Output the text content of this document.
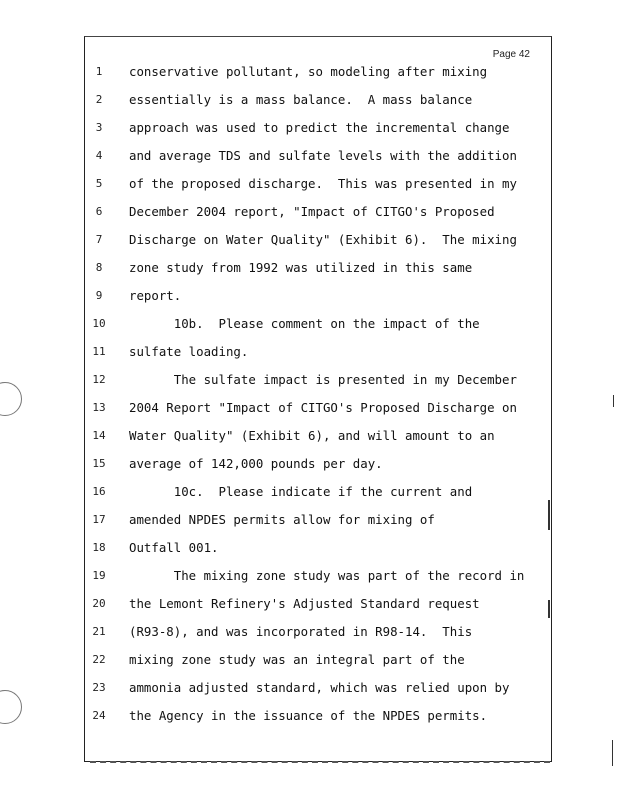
Page 42
1	conservative pollutant, so modeling after mixing
2	essentially is a mass balance.  A mass balance
3	approach was used to predict the incremental change
4	and average TDS and sulfate levels with the addition
5	of the proposed discharge.  This was presented in my
6	December 2004 report, "Impact of CITGO's Proposed
7	Discharge on Water Quality" (Exhibit 6).  The mixing
8	zone study from 1992 was utilized in this same
9	report.
10	10b.  Please comment on the impact of the
11	sulfate loading.
12	The sulfate impact is presented in my December
13	2004 Report "Impact of CITGO's Proposed Discharge on
14	Water Quality" (Exhibit 6), and will amount to an
15	average of 142,000 pounds per day.
16	10c.  Please indicate if the current and
17	amended NPDES permits allow for mixing of
18	Outfall 001.
19	The mixing zone study was part of the record in
20	the Lemont Refinery's Adjusted Standard request
21	(R93-8), and was incorporated in R98-14.  This
22	mixing zone study was an integral part of the
23	ammonia adjusted standard, which was relied upon by
24	the Agency in the issuance of the NPDES permits.
